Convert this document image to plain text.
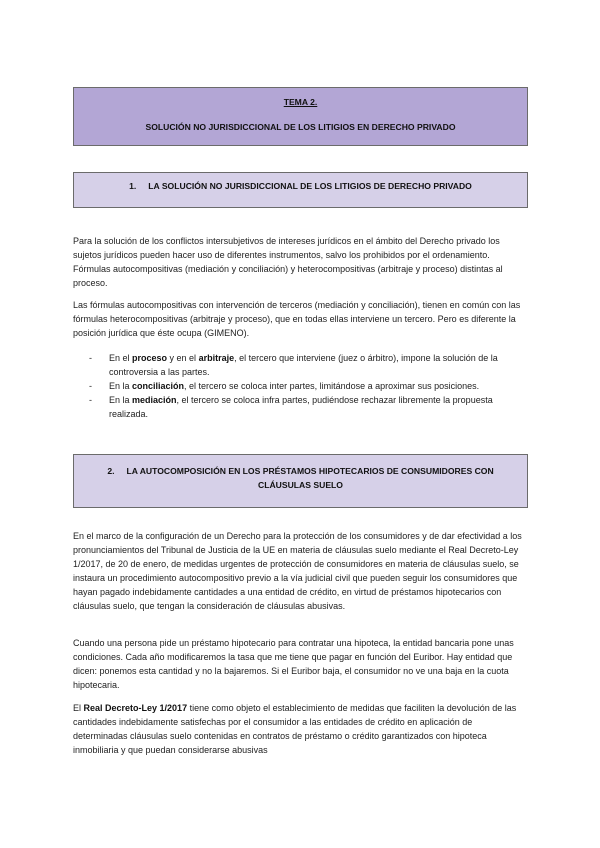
TEMA 2.
SOLUCIÓN NO JURISDICCIONAL DE LOS LITIGIOS EN DERECHO PRIVADO
1. LA SOLUCIÓN NO JURISDICCIONAL DE LOS LITIGIOS DE DERECHO PRIVADO

Para la solución de los conflictos intersubjetivos de intereses jurídicos en el ámbito del Derecho privado los sujetos jurídicos pueden hacer uso de diferentes instrumentos, salvo los prohibidos por el ordenamiento. Fórmulas autocompositivas (mediación y conciliación) y heterocompositivas (arbitraje y proceso) distintas al proceso.

Las fórmulas autocompositivas con intervención de terceros (mediación y conciliación), tienen en común con las fórmulas heterocompositivas (arbitraje y proceso), que en todas ellas interviene un tercero. Pero es diferente la posición jurídica que éste ocupa (GIMENO).

- En el proceso y en el arbitraje, el tercero que interviene (juez o árbitro), impone la solución de la controversia a las partes.
- En la conciliación, el tercero se coloca inter partes, limitándose a aproximar sus posiciones.
- En la mediación, el tercero se coloca infra partes, pudiéndose rechazar libremente la propuesta realizada.
2. LA AUTOCOMPOSICIÓN EN LOS PRÉSTAMOS HIPOTECARIOS DE CONSUMIDORES CON CLÁUSULAS SUELO

En el marco de la configuración de un Derecho para la protección de los consumidores y de dar efectividad a los pronunciamientos del Tribunal de Justicia de la UE en materia de cláusulas suelo mediante el Real Decreto-Ley 1/2017, de 20 de enero, de medidas urgentes de protección de consumidores en materia de cláusulas suelo, se instaura un procedimiento autocompositivo previo a la vía judicial civil que pueden seguir los consumidores que hayan pagado indebidamente cantidades a una entidad de crédito, en virtud de préstamos hipotecarios con cláusulas suelo, que tengan la consideración de cláusulas abusivas.

Cuando una persona pide un préstamo hipotecario para contratar una hipoteca, la entidad bancaria pone unas condiciones. Cada año modificaremos la tasa que me tiene que pagar en función del Euribor. Hay entidad que dicen: ponemos esta cantidad y no la bajaremos. Si el Euribor baja, el consumidor no ve una baja en la cuota hipotecaria.

El Real Decreto-Ley 1/2017 tiene como objeto el establecimiento de medidas que faciliten la devolución de las cantidades indebidamente satisfechas por el consumidor a las entidades de crédito en aplicación de determinadas cláusulas suelo contenidas en contratos de préstamo o crédito garantizados con hipoteca inmobiliaria y que puedan considerarse abusivas
